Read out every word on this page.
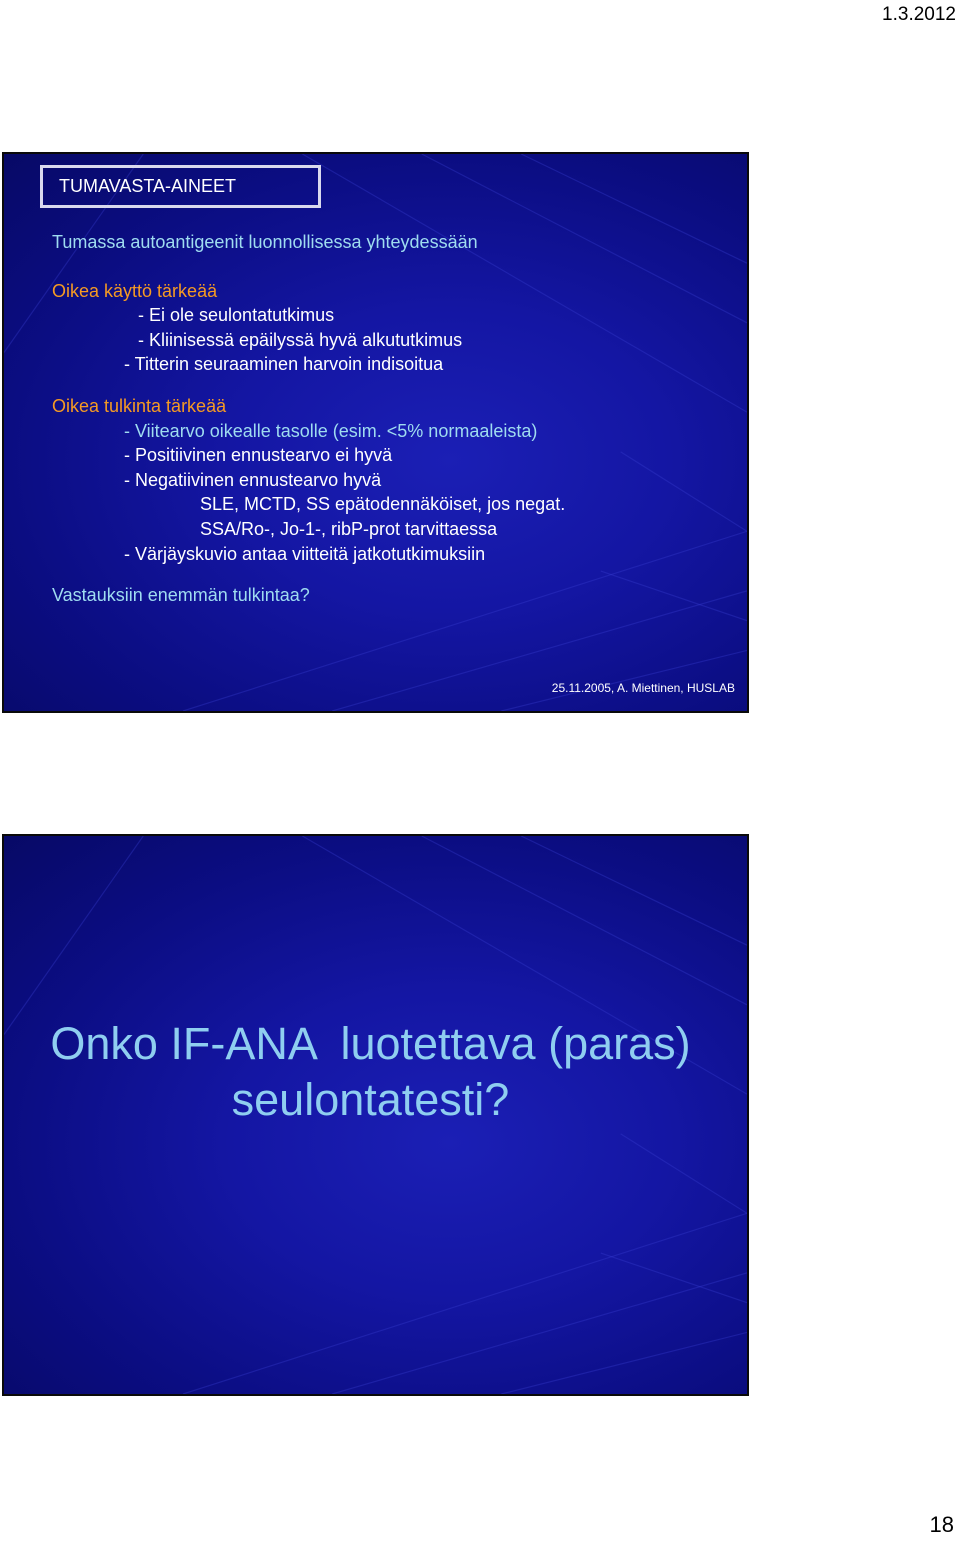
1.3.2012
TUMAVASTA-AINEET
Tumassa autoantigeenit luonnollisessa yhteydessään
Oikea käyttö tärkeää
- Ei ole seulontatutkimus
- Kliinisessä epäilyssä hyvä alkututkimus
- Titterin seuraaminen harvoin indisoitua
Oikea tulkinta tärkeää
- Viitearvo oikealle tasolle (esim. <5% normaaleista)
- Positiivinen ennustearvo ei hyvä
- Negatiivinen ennustearvo hyvä
SLE, MCTD, SS epätodennäköiset, jos negat.
SSA/Ro-, Jo-1-, ribP-prot tarvittaessa
- Värjäyskuvio antaa viitteitä jatkotutkimuksiin
Vastauksiin enemmän tulkintaa?
25.11.2005, A. Miettinen, HUSLAB
Onko IF-ANA  luotettava (paras)
seulontatesti?
18
